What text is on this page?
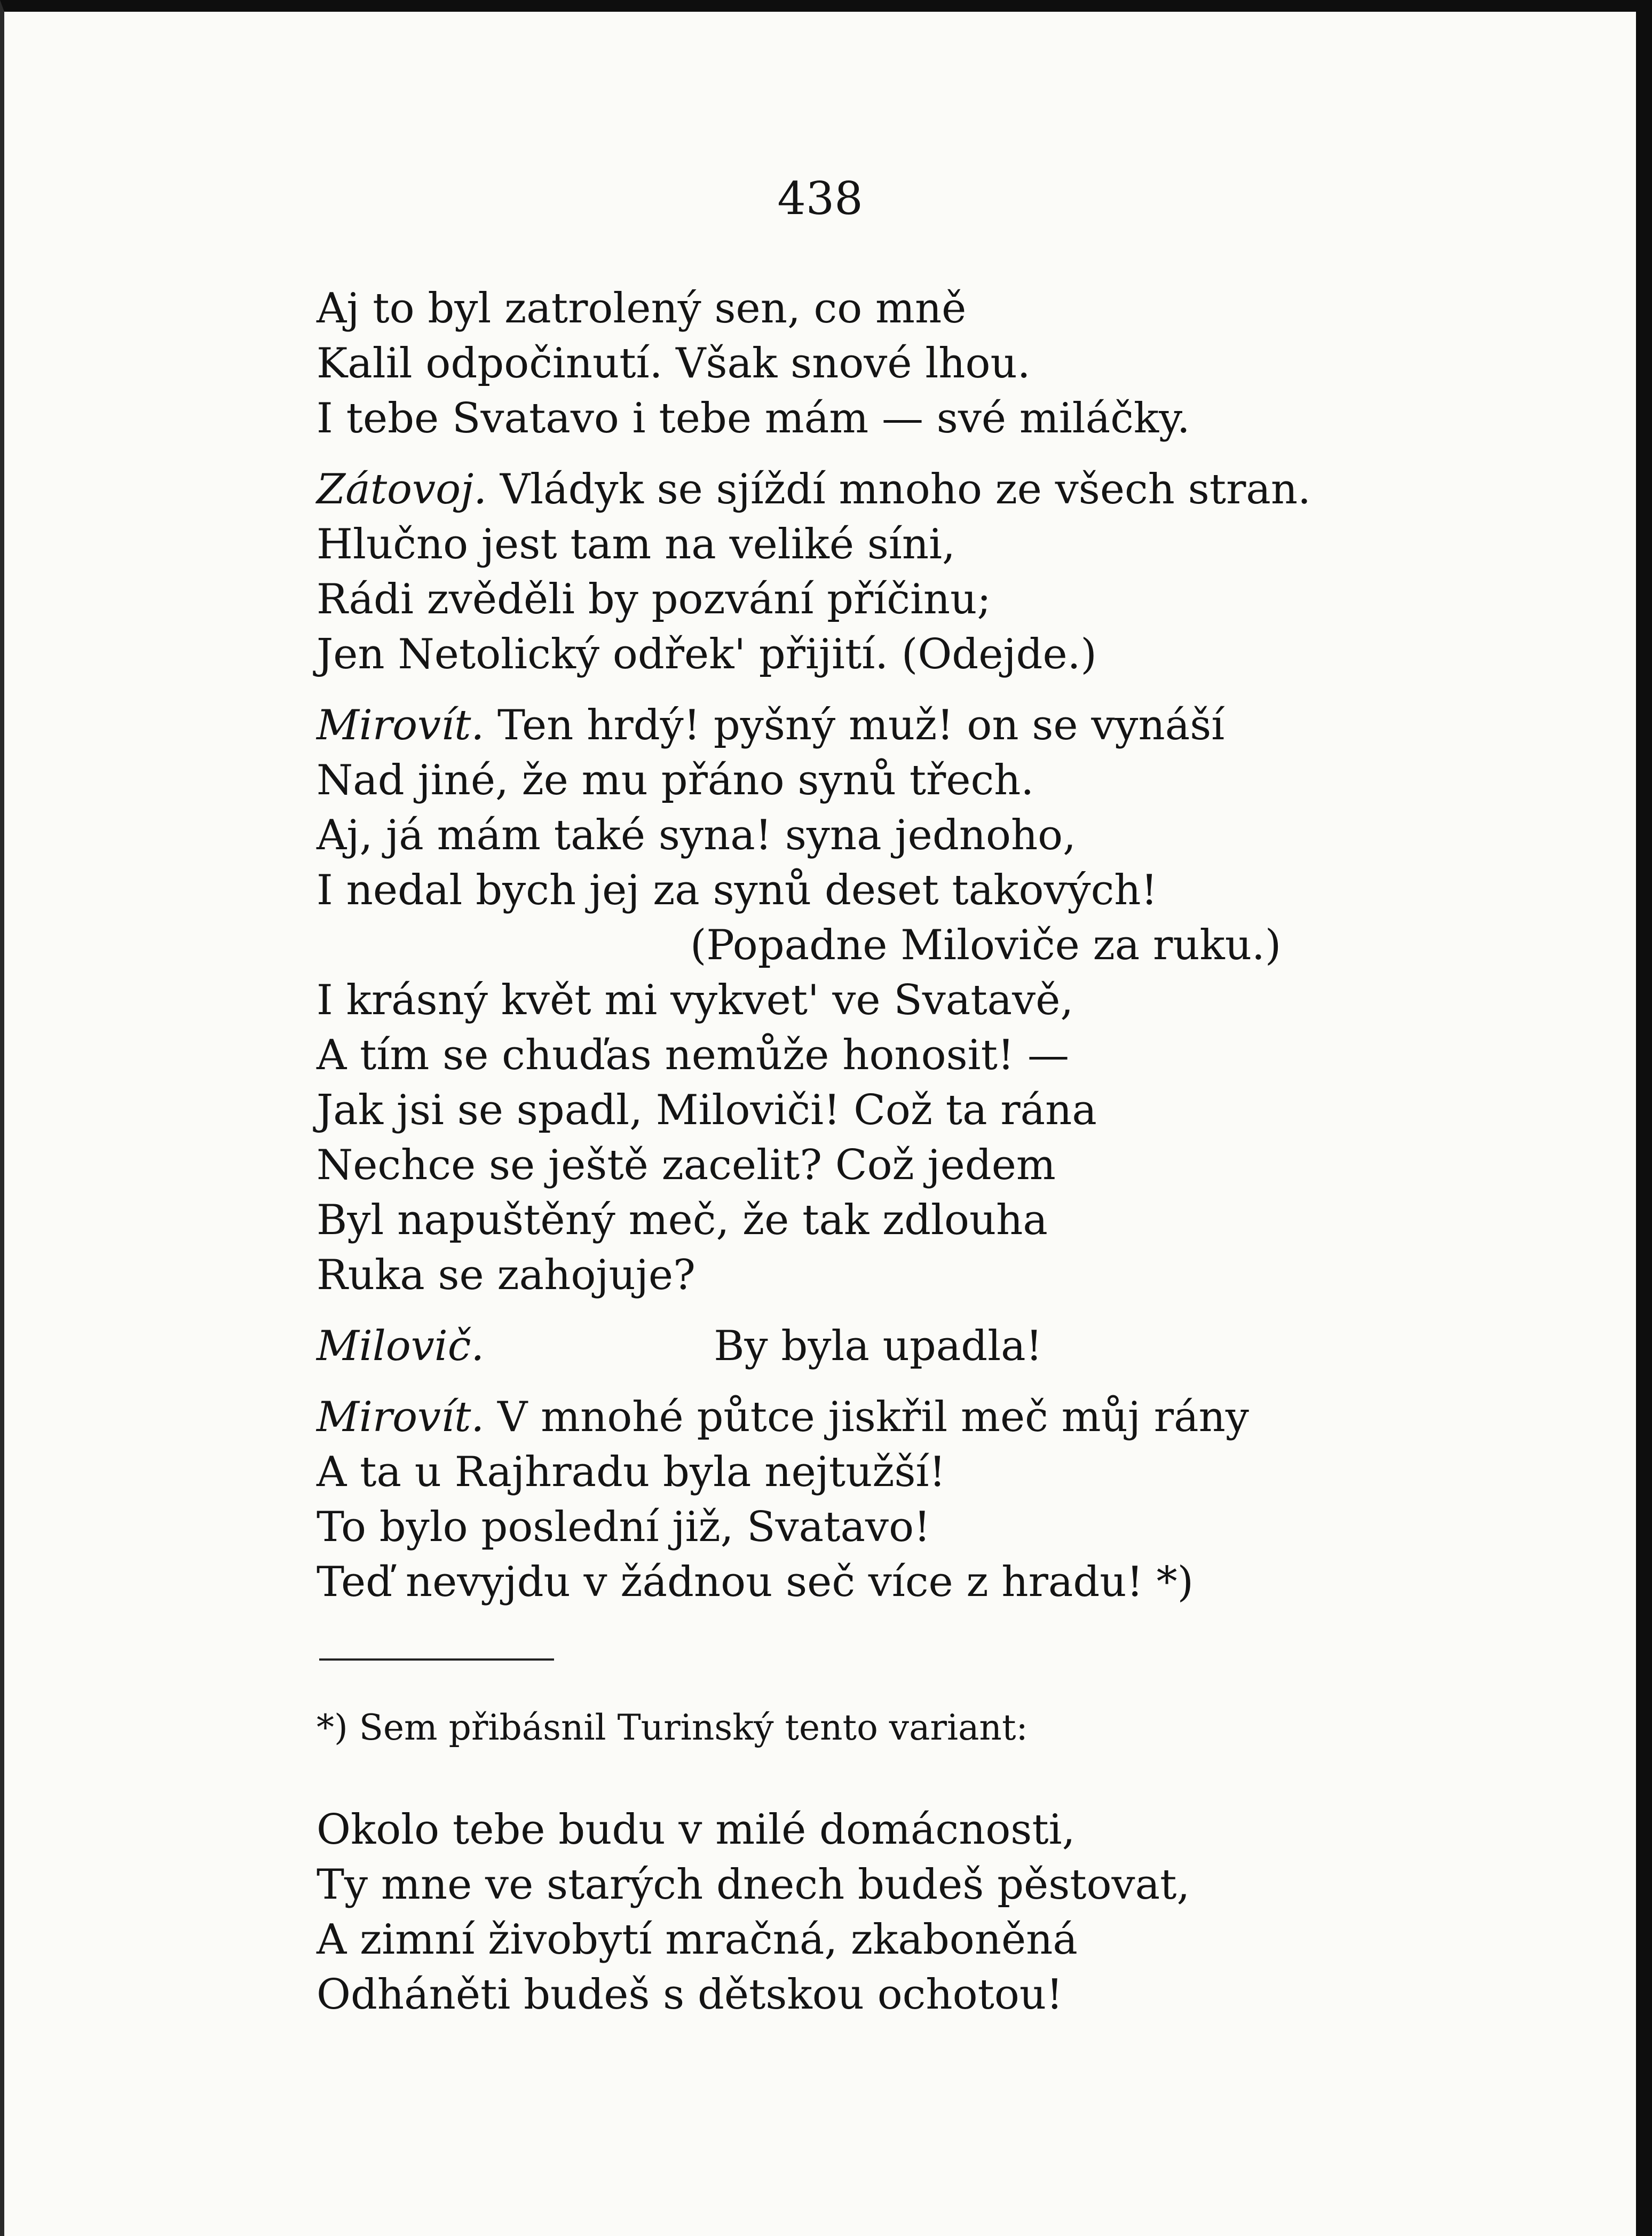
438
Aj to byl zatrolený sen, co mně
Kalil odpočinutí. Však snové lhou.
I tebe Svatavo i tebe mám — své miláčky.
Zátovoj. Vládyk se sjíždí mnoho ze všech stran.
Hlučno jest tam na veliké síni,
Rádi zvěděli by pozvání příčinu;
Jen Netolický odřek' přijití. (Odejde.)
Mirovít. Ten hrdý! pyšný muž! on se vynáší
Nad jiné, že mu přáno synů třech.
Aj, já mám také syna! syna jednoho,
I nedal bych jej za synů deset takových!
(Popadne Miloviče za ruku.)
I krásný květ mi vykvet' ve Svatavě,
A tím se chuďas nemůže honosit! —
Jak jsi se spadl, Miloviči! Což ta rána
Nechce se ještě zacelit? Což jedem
Byl napuštěný meč, že tak zdlouha
Ruka se zahojuje?
Milovič.	By byla upadla!
Mirovít. V mnohé půtce jiskřil meč můj rány
A ta u Rajhradu byla nejtužší!
To bylo poslední již, Svatavo!
Teď nevyjdu v žádnou seč více z hradu! *)
*) Sem přibásnil Turinský tento variant:
Okolo tebe budu v milé domácnosti,
Ty mne ve starých dnech budeš pěstovat,
A zimní živobytí mračná, zkaboněná
Odháněti budeš s dětskou ochotou!
